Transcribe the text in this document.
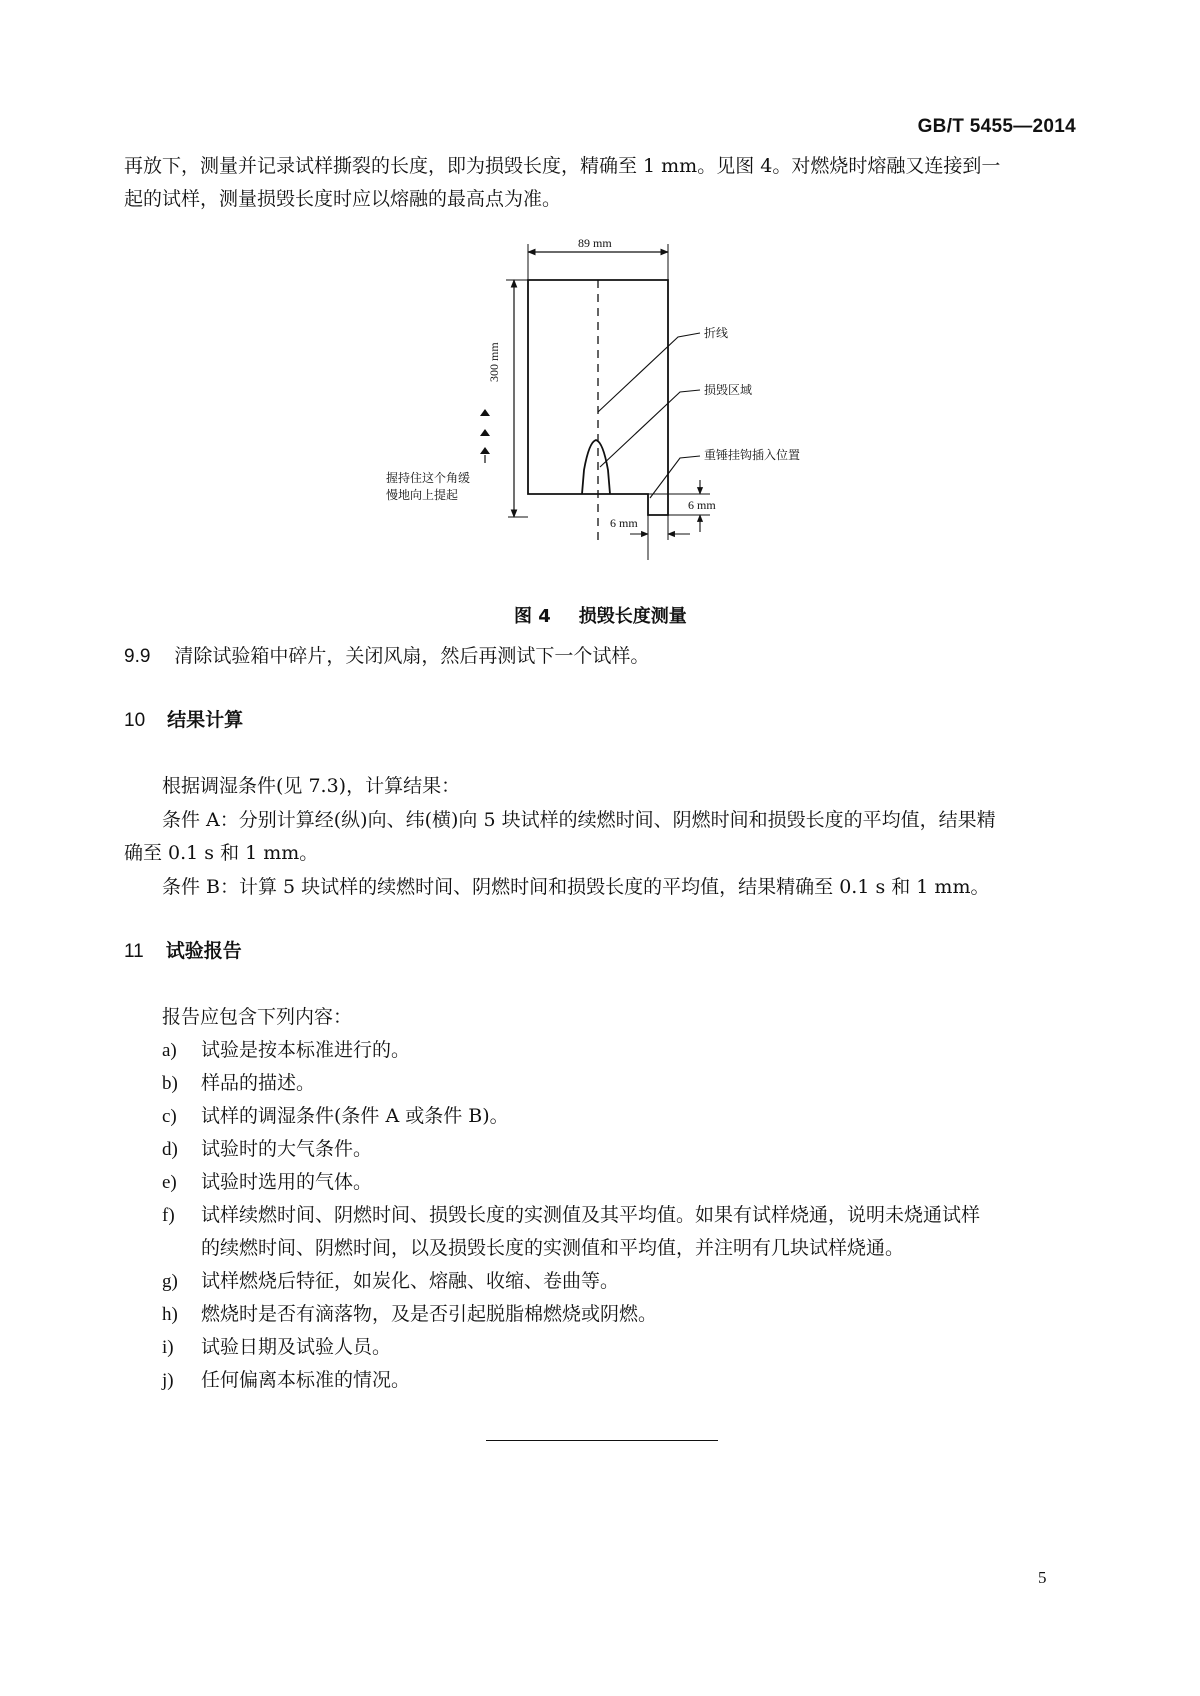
GB/T 5455—2014
再放下，测量并记录试样撕裂的长度，即为损毁长度，精确至 1 mm。见图 4。对燃烧时熔融又连接到一
起的试样，测量损毁长度时应以熔融的最高点为准。
89 mm
300 mm
折线
损毁区域
重锤挂钩插入位置
握持住这个角缓
慢地向上提起
6 mm
6 mm
图 4 损毁长度测量
9.9 清除试验箱中碎片，关闭风扇，然后再测试下一个试样。
10 结果计算
根据调湿条件(见 7.3)，计算结果：
条件 A：分别计算经(纵)向、纬(横)向 5 块试样的续燃时间、阴燃时间和损毁长度的平均值，结果精
确至 0.1 s 和 1 mm。
条件 B：计算 5 块试样的续燃时间、阴燃时间和损毁长度的平均值，结果精确至 0.1 s 和 1 mm。
11 试验报告
报告应包含下列内容：
a) 试验是按本标准进行的。
b) 样品的描述。
c) 试样的调湿条件(条件 A 或条件 B)。
d) 试验时的大气条件。
e) 试验时选用的气体。
f) 试样续燃时间、阴燃时间、损毁长度的实测值及其平均值。如果有试样烧通，说明未烧通试样
的续燃时间、阴燃时间，以及损毁长度的实测值和平均值，并注明有几块试样烧通。
g) 试样燃烧后特征，如炭化、熔融、收缩、卷曲等。
h) 燃烧时是否有滴落物，及是否引起脱脂棉燃烧或阴燃。
i) 试验日期及试验人员。
j) 任何偏离本标准的情况。
5
